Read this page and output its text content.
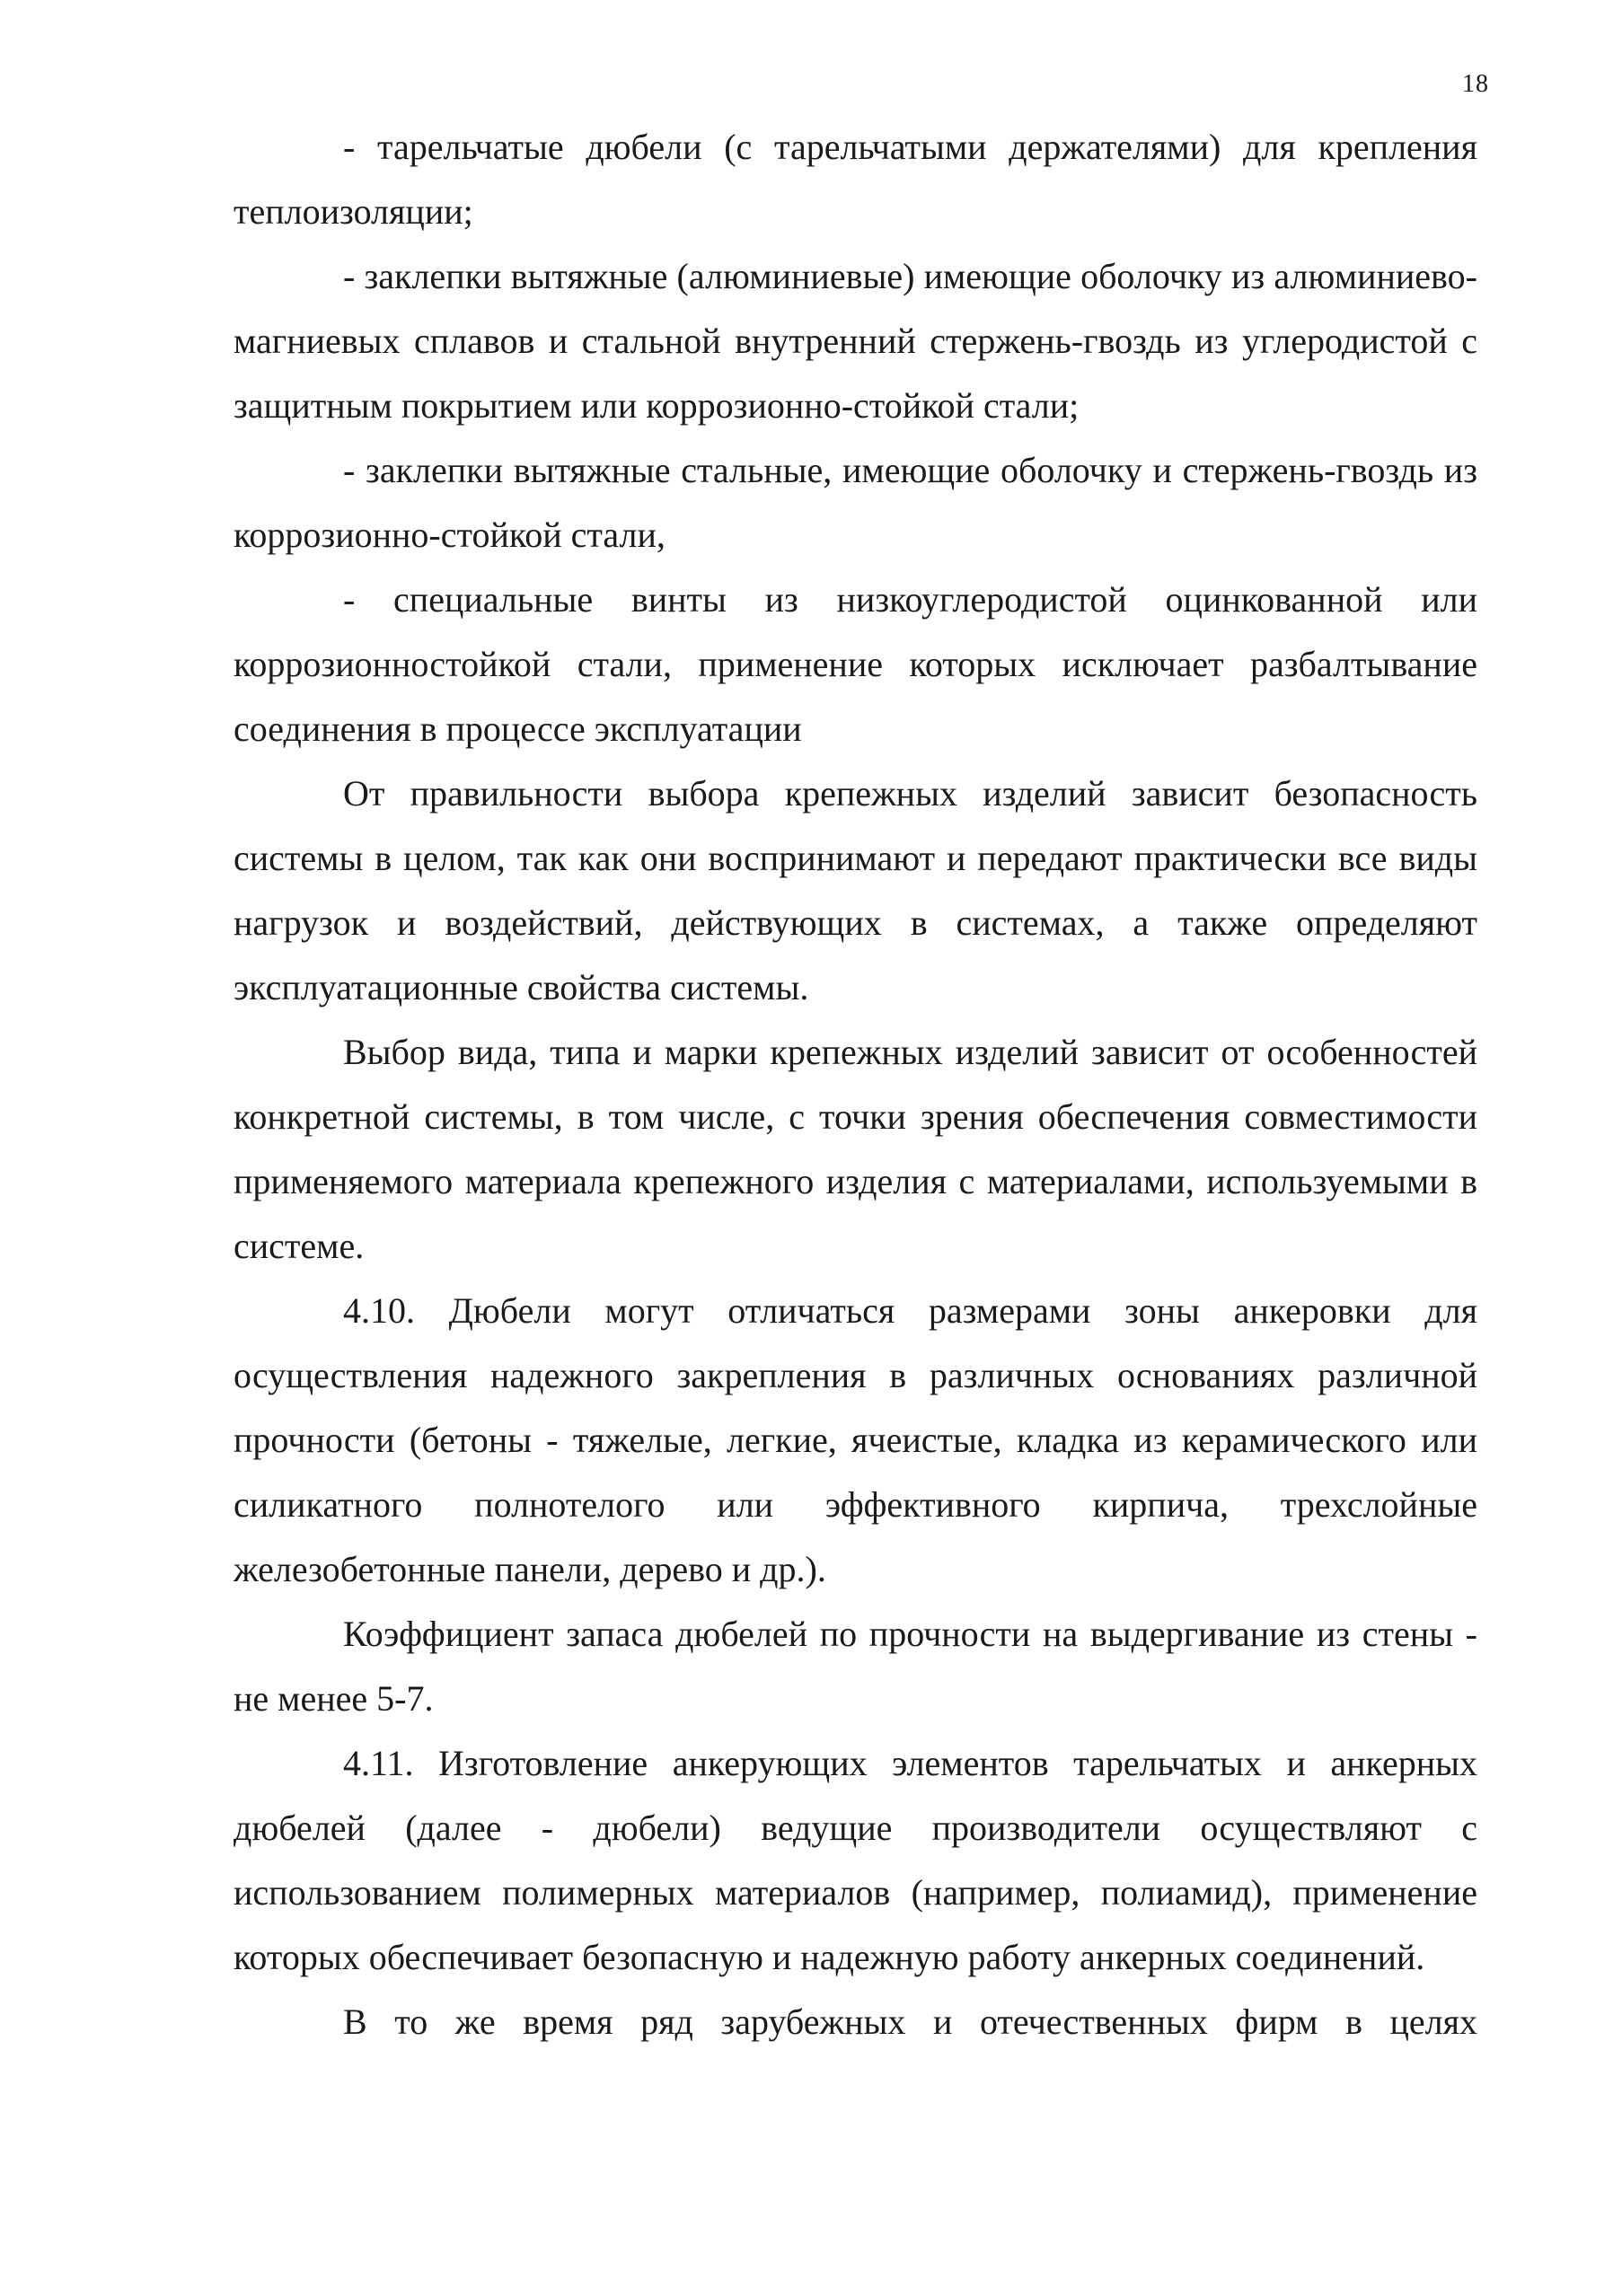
18

- тарельчатые дюбели (с тарельчатыми держателями) для крепления теплоизоляции;

- заклепки вытяжные (алюминиевые) имеющие оболочку из алюминиево-магниевых сплавов и стальной внутренний стержень-гвоздь из углеродистой с защитным покрытием или коррозионно-стойкой стали;

- заклепки вытяжные стальные, имеющие оболочку и стержень-гвоздь из коррозионно-стойкой стали,

- специальные винты из низкоуглеродистой оцинкованной или коррозионностойкой стали, применение которых исключает разбалтывание соединения в процессе эксплуатации

От правильности выбора крепежных изделий зависит безопасность системы в целом, так как они воспринимают и передают практически все виды нагрузок и воздействий, действующих в системах, а также определяют эксплуатационные свойства системы.

Выбор вида, типа и марки крепежных изделий зависит от особенностей конкретной системы, в том числе, с точки зрения обеспечения совместимости применяемого материала крепежного изделия с материалами, используемыми в системе.

4.10. Дюбели могут отличаться размерами зоны анкеровки для осуществления надежного закрепления в различных основаниях различной прочности (бетоны - тяжелые, легкие, ячеистые, кладка из керамического или силикатного полнотелого или эффективного кирпича, трехслойные железобетонные панели, дерево и др.).

Коэффициент запаса дюбелей по прочности на выдергивание из стены - не менее 5-7.

4.11. Изготовление анкерующих элементов тарельчатых и анкерных дюбелей (далее - дюбели) ведущие производители осуществляют с использованием полимерных материалов (например, полиамид), применение которых обеспечивает безопасную и надежную работу анкерных соединений.

В то же время ряд зарубежных и отечественных фирм в целях
